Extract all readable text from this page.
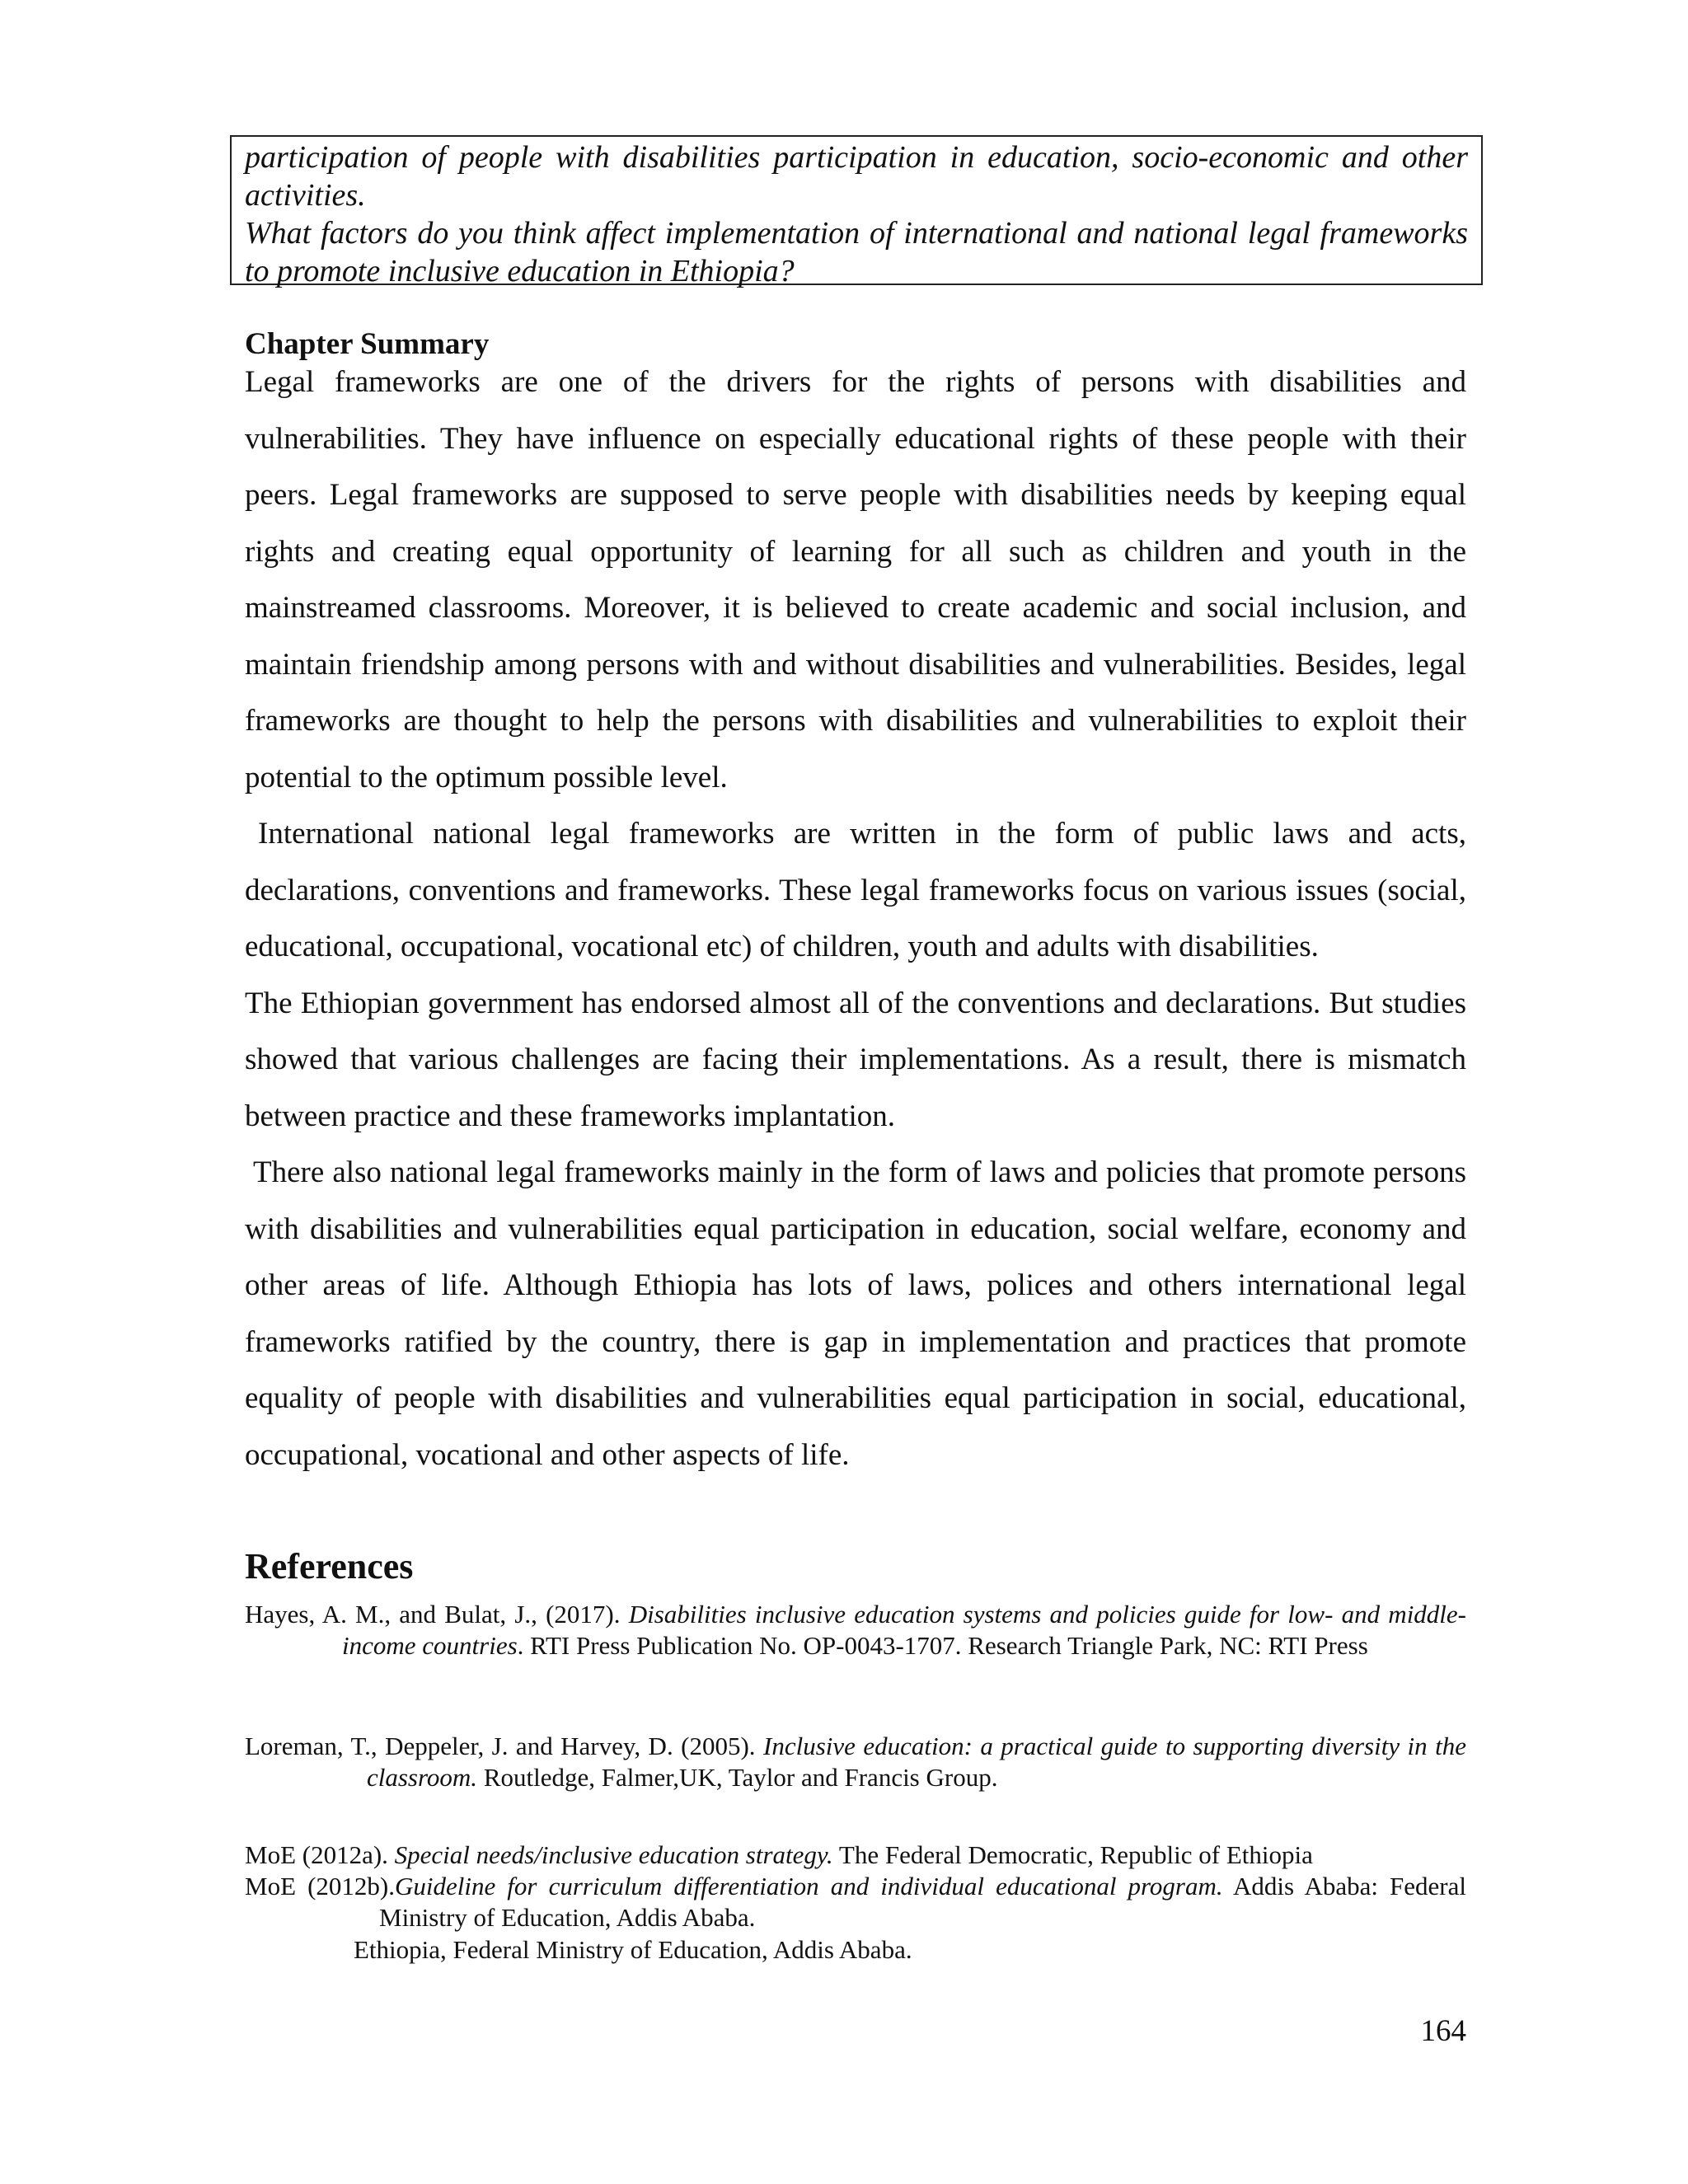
participation of people with disabilities participation in education, socio-economic and other activities.

What factors do you think affect implementation of international and national legal frameworks to promote inclusive education in Ethiopia?

Chapter Summary

Legal frameworks are one of the drivers for the rights of persons with disabilities and vulnerabilities. They have influence on especially educational rights of these people with their peers. Legal frameworks are supposed to serve people with disabilities needs by keeping equal rights and creating equal opportunity of learning for all such as children and youth in the mainstreamed classrooms. Moreover, it is believed to create academic and social inclusion, and maintain friendship among persons with and without disabilities and vulnerabilities. Besides, legal frameworks are thought to help the persons with disabilities and vulnerabilities to exploit their potential to the optimum possible level.

International national legal frameworks are written in the form of public laws and acts, declarations, conventions and frameworks. These legal frameworks focus on various issues (social, educational, occupational, vocational etc) of children, youth and adults with disabilities.

The Ethiopian government has endorsed almost all of the conventions and declarations. But studies showed that various challenges are facing their implementations. As a result, there is mismatch between practice and these frameworks implantation.

There also national legal frameworks mainly in the form of laws and policies that promote persons with disabilities and vulnerabilities equal participation in education, social welfare, economy and other areas of life. Although Ethiopia has lots of laws, polices and others international legal frameworks ratified by the country, there is gap in implementation and practices that promote equality of people with disabilities and vulnerabilities equal participation in social, educational, occupational, vocational and other aspects of life.

References

Hayes, A. M., and Bulat, J., (2017). Disabilities inclusive education systems and policies guide for low- and middle-income countries. RTI Press Publication No. OP-0043-1707. Research Triangle Park, NC: RTI Press

Loreman, T., Deppeler, J. and Harvey, D. (2005). Inclusive education: a practical guide to supporting diversity in the classroom. Routledge, Falmer,UK, Taylor and Francis Group.

MoE (2012a). Special needs/inclusive education strategy. The Federal Democratic, Republic of Ethiopia

MoE (2012b).Guideline for curriculum differentiation and individual educational program. Addis Ababa: Federal Ministry of Education, Addis Ababa.

Ethiopia, Federal Ministry of Education, Addis Ababa.

164
